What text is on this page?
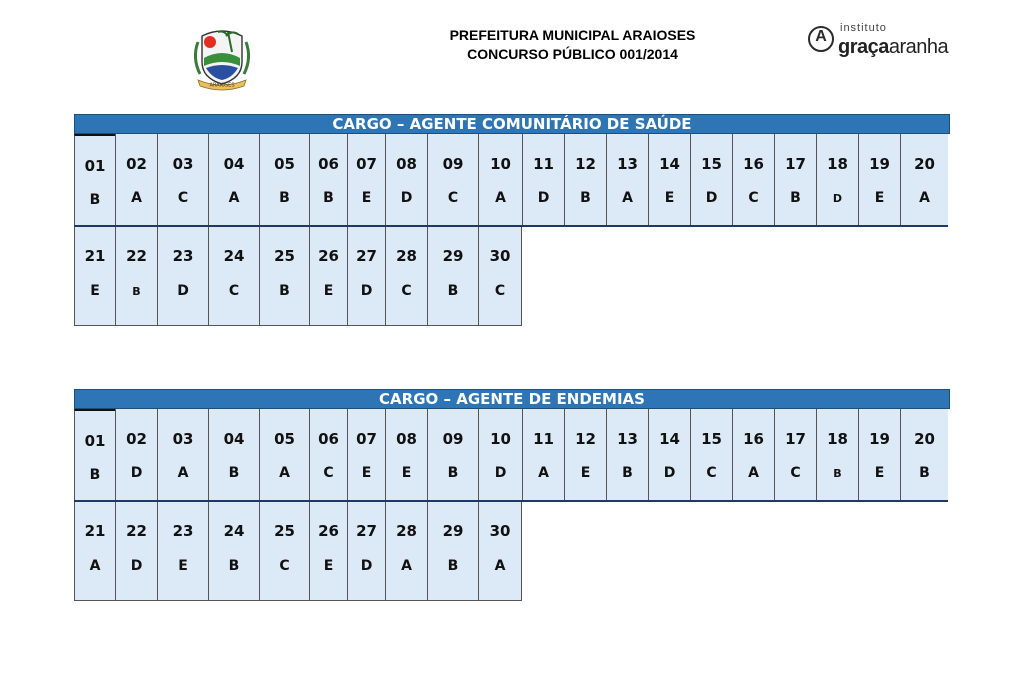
ARAIOSES
PREFEITURA MUNICIPAL ARAIOSES
CONCURSO PÚBLICO 001/2014
A	instituto
graçaaranha
CARGO – AGENTE COMUNITÁRIO DE SAÚDE
01
B
02
A
03
C
04
A
05
B
06
B
07
E
08
D
09
C
10
A
11
D
12
B
13
A
14
E
15
D
16
C
17
B
18
D
19
E
20
A
21
E
22
B
23
D
24
C
25
B
26
E
27
D
28
C
29
B
30
C
CARGO – AGENTE DE ENDEMIAS
01
B
02
D
03
A
04
B
05
A
06
C
07
E
08
E
09
B
10
D
11
A
12
E
13
B
14
D
15
C
16
A
17
C
18
B
19
E
20
B
21
A
22
D
23
E
24
B
25
C
26
E
27
D
28
A
29
B
30
A
